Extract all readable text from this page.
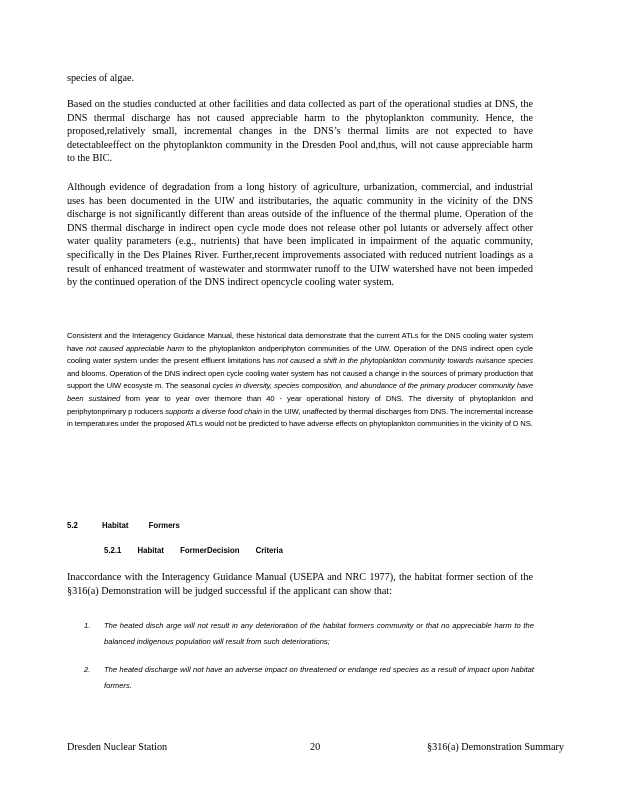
species of algae.

Based on the studies conducted at other facilities and data collected as part of the operational studies at DNS, the DNS thermal discharge has not caused appreciable harm to the phytoplankton community. Hence, the proposed,relatively small, incremental changes in the DNS’s thermal limits are not expected to have detectableeffect on the phytoplankton community in the Dresden Pool and,thus, will not cause appreciable harm to the BIC.

Although evidence of degradation from a long history of agriculture, urbanization, commercial, and industrial uses has been documented in the UIW and itstributaries, the aquatic community in the vicinity of the DNS discharge is not significantly different than areas outside of the influence of the thermal plume. Operation of the DNS thermal discharge in indirect open cycle mode does not release other pol lutants or adversely affect other water quality parameters (e.g., nutrients) that have been implicated in impairment of the aquatic community, specifically in the Des Plaines River. Further,recent improvements associated with reduced nutrient loadings as a result of enhanced treatment of wastewater and stormwater runoff to the UIW watershed have not been impeded by the continued operation of the DNS indirect opencycle cooling water system.

Consistent and the Interagency Guidance Manual, these historical data demonstrate that the current ATLs for the DNS cooling water system have not caused appreciable harm to the phytoplankton andperiphyton communities of the UIW. Operation of the DNS indirect open cycle cooling water system under the present effluent limitations has not caused a shift in the phytoplankton community towards nuisance species and blooms. Operation of the DNS indirect open cycle cooling water system has not caused a change in the sources of primary production that support the UIW ecosyste m. The seasonal cycles in diversity, species composition, and abundance of the primary producer community have been sustained from year to year over themore than 40 - year operational history of DNS. The diversity of phytoplankton and periphytonprimary p roducers supports a diverse food chain in the UIW, unaffected by thermal discharges from DNS. The incremental increase in temperatures under the proposed ATLs would not be predicted to have adverse effects on phytoplankton communities in the vicinity of D NS.

5.2	Habitat Formers
5.2.1 Habitat FormerDecision Criteria

Inaccordance with the Interagency Guidance Manual (USEPA and NRC 1977), the habitat former section of the §316(a) Demonstration will be judged successful if the applicant can show that:

1. The heated disch arge will not result in any deterioration of the habitat formers community or that no appreciable harm to the balanced indigenous population will result from such deteriorations;
2. The heated discharge will not have an adverse impact on threatened or endange red species as a result of impact upon habitat formers.
Dresden Nuclear Station	20	§316(a) Demonstration Summary
